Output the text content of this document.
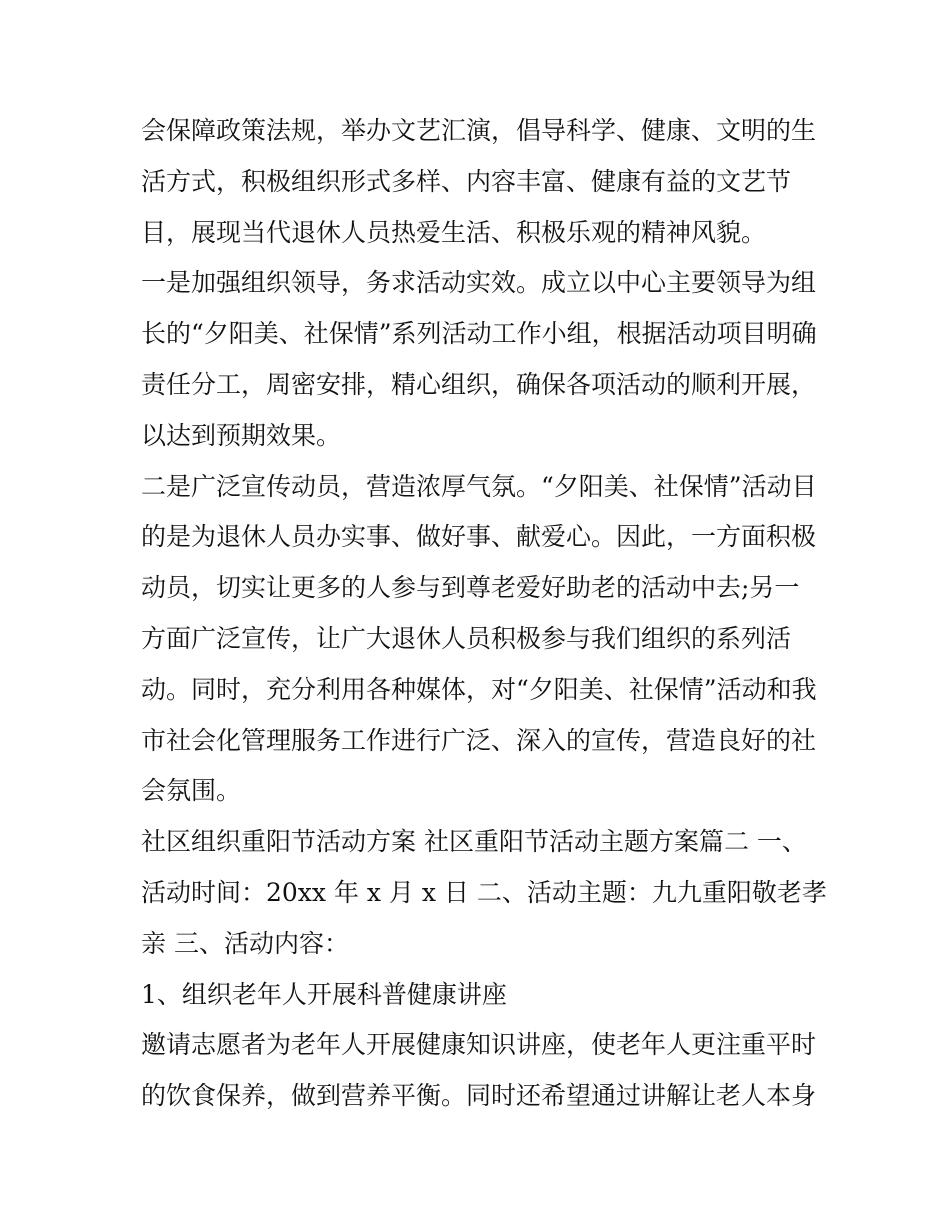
会保障政策法规，举办文艺汇演，倡导科学、健康、文明的生
活方式，积极组织形式多样、内容丰富、健康有益的文艺节
目，展现当代退休人员热爱生活、积极乐观的精神风貌。
一是加强组织领导，务求活动实效。成立以中心主要领导为组
长的“夕阳美、社保情”系列活动工作小组，根据活动项目明确
责任分工，周密安排，精心组织，确保各项活动的顺利开展，
以达到预期效果。
二是广泛宣传动员，营造浓厚气氛。“夕阳美、社保情”活动目
的是为退休人员办实事、做好事、献爱心。因此，一方面积极
动员，切实让更多的人参与到尊老爱好助老的活动中去;另一
方面广泛宣传，让广大退休人员积极参与我们组织的系列活
动。同时，充分利用各种媒体，对“夕阳美、社保情”活动和我
市社会化管理服务工作进行广泛、深入的宣传，营造良好的社
会氛围。
社区组织重阳节活动方案 社区重阳节活动主题方案篇二 一、
活动时间：20xx 年 x 月 x 日 二、活动主题：九九重阳敬老孝
亲 三、活动内容：
1、组织老年人开展科普健康讲座
邀请志愿者为老年人开展健康知识讲座，使老年人更注重平时
的饮食保养，做到营养平衡。同时还希望通过讲解让老人本身
